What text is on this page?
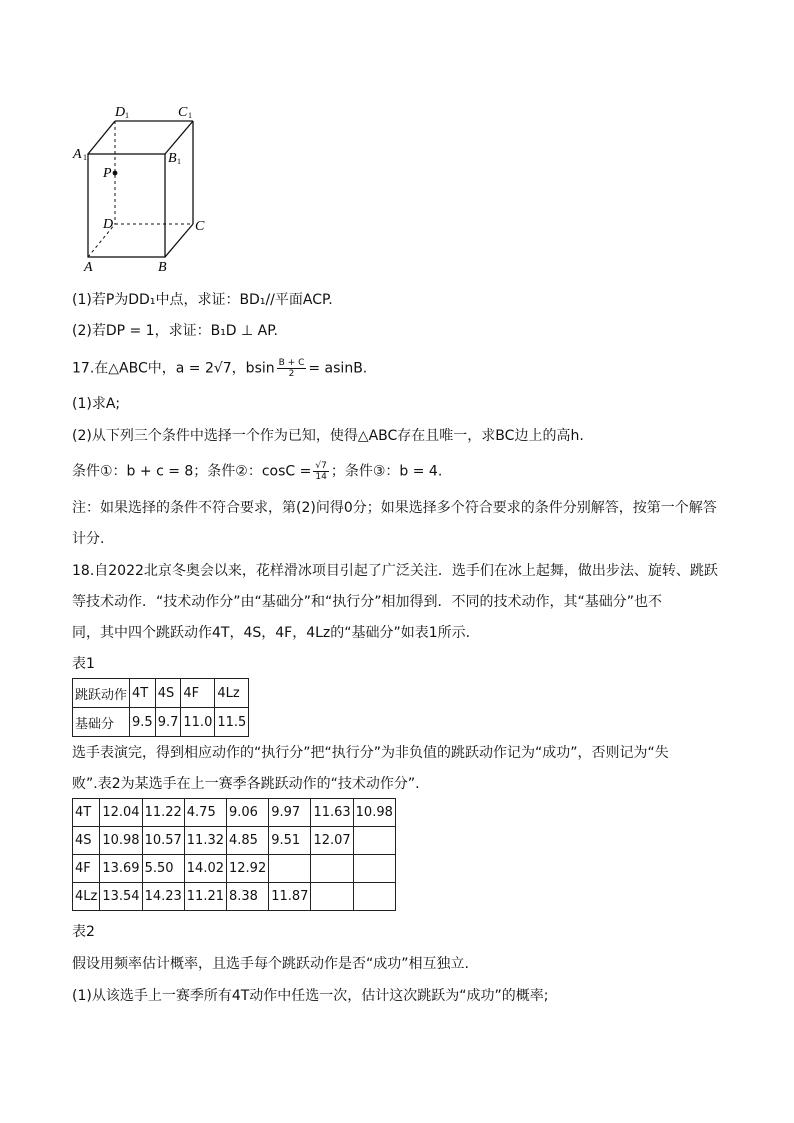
D 1	C 1
A 1	B 1
P
D	C
A	B
(1)若P为DD₁中点，求证：BD₁//平面ACP.
(2)若DP = 1，求证：B₁D ⊥ AP.
17.在△ABC中，a = 2√7，bsin $\frac{B + C}{2} = asinB$.
(1)求A;
(2)从下列三个条件中选择一个作为已知，使得△ABC存在且唯一，求BC边上的高h.
条件①：b + c = 8；条件②：$\cos C = \frac{√7}{14}$ ；条件③：b = 4.
注：如果选择的条件不符合要求，第(2)问得0分；如果选择多个符合要求的条件分别解答，按第一个解答
计分.
18.自2022北京冬奥会以来，花样滑冰项目引起了广泛关注．选手们在冰上起舞，做出步法、旋转、跳跃
等技术动作．“技术动作分”由“基础分”和“执行分”相加得到．不同的技术动作，其“基础分”也不
同，其中四个跳跃动作4T，4S，4F，4Lz的“基础分”如表1所示.
表1
跳跃动作	4T	4S	4F	4Lz
基础分	9.5	9.7	11.0	11.5
选手表演完，得到相应动作的“执行分”把“执行分”为非负值的跳跃动作记为“成功”，否则记为“失
败”.表2为某选手在上一赛季各跳跃动作的“技术动作分”.
4T	12.04	11.22	4.75	9.06	9.97	11.63	10.98
4S	10.98	10.57	11.32	4.85	9.51	12.07	
4F	13.69	5.50	14.02	12.92			
4Lz	13.54	14.23	11.21	8.38	11.87		
表2
假设用频率估计概率，且选手每个跳跃动作是否“成功”相互独立.
(1)从该选手上一赛季所有4T动作中任选一次，估计这次跳跃为“成功”的概率;
